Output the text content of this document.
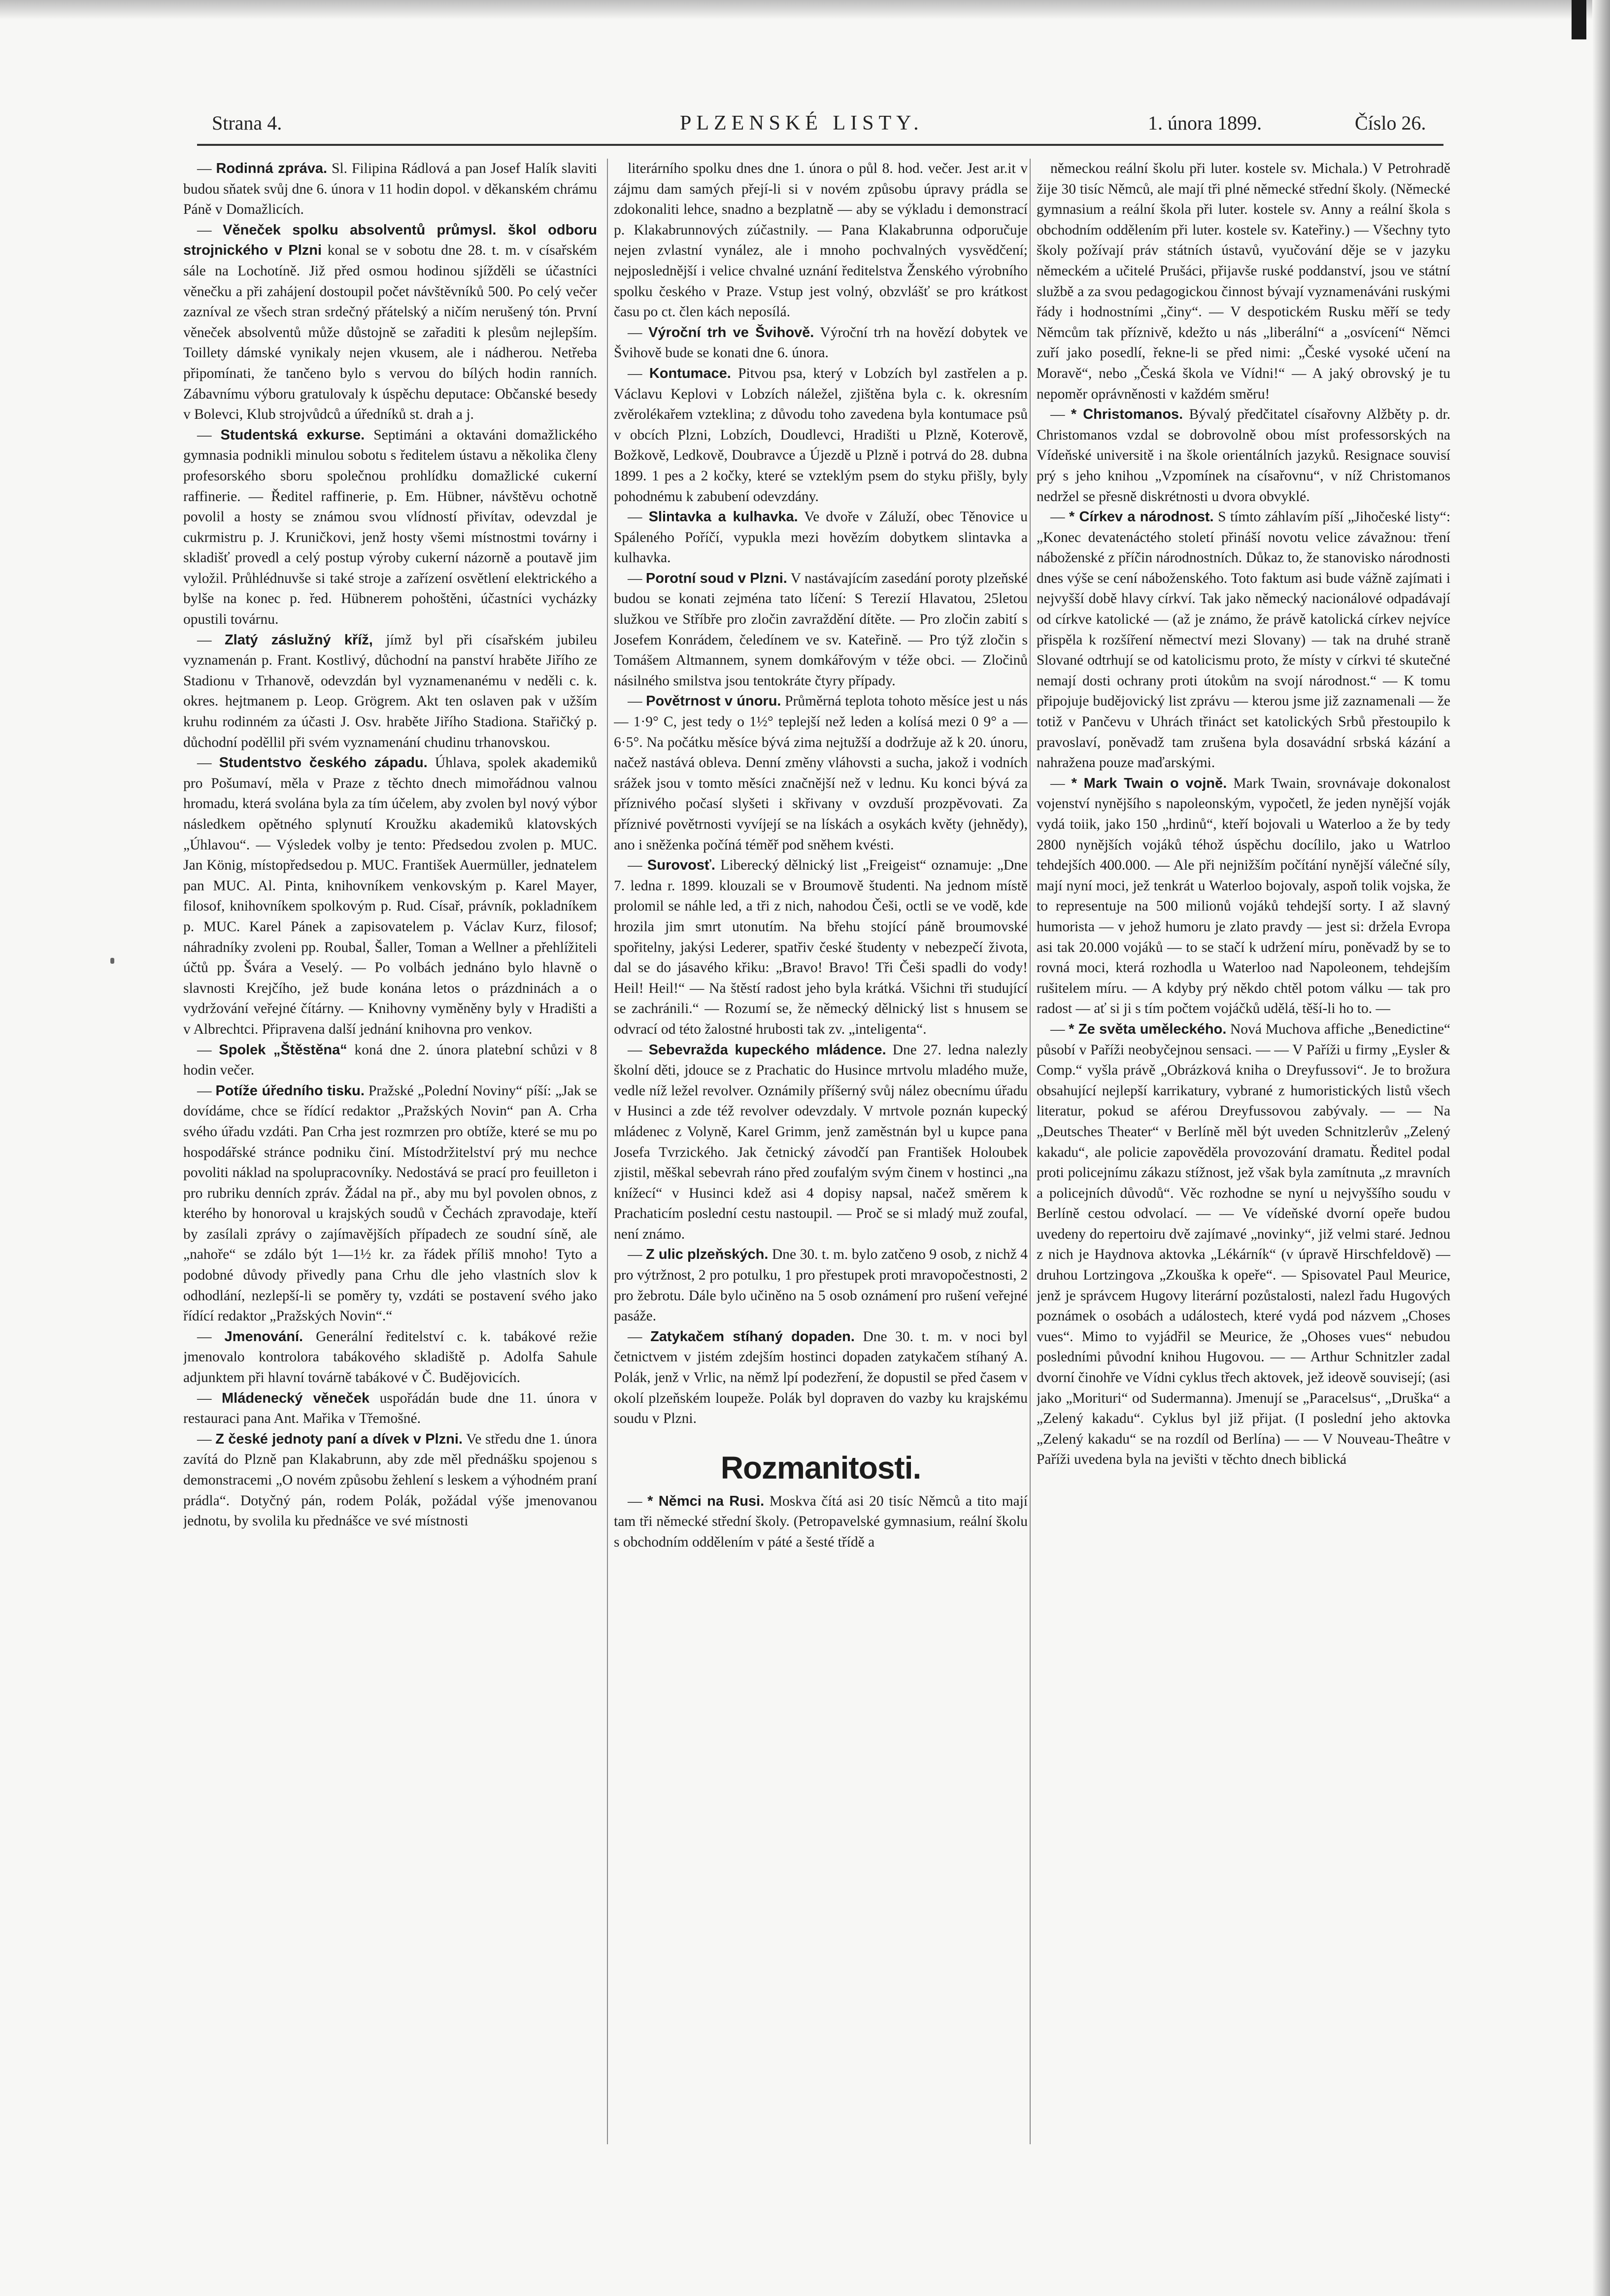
Strana 4.	PLZENSKÉ LISTY.	1. února 1899.	Číslo 26.

— Rodinná zpráva. Sl. Filipina Rádlová a pan Josef Halík slaviti budou sňatek svůj dne 6. února v 11 hodin dopol. v děkanském chrámu Páně v Domažlicích.

— Věneček spolku absolventů průmysl. škol odboru strojnického v Plzni konal se v sobotu dne 28. t. m. v císařském sále na Lochotíně. Již před osmou hodinou sjížděli se účastníci věnečku a při zahájení dostoupil počet návštěvníků 500. Po celý večer zazníval ze všech stran srdečný přátelský a ničím nerušený tón. První věneček absolventů může důstojně se zařaditi k plesům nejlepším. Toillety dámské vynikaly nejen vkusem, ale i nádherou. Netřeba připomínati, že tančeno bylo s vervou do bílých hodin ranních. Zábavnímu výboru gratulovaly k úspěchu deputace: Občanské besedy v Bolevci, Klub strojvůdců a úředníků st. drah a j.

— Studentská exkurse. Septimáni a oktaváni domažlického gymnasia podnikli minulou sobotu s ředitelem ústavu a několika členy profesorského sboru společnou prohlídku domažlické cukerní raffinerie. — Ředitel raffinerie, p. Em. Hübner, návštěvu ochotně povolil a hosty se známou svou vlídností přivítav, odevzdal je cukrmistru p. J. Kruničkovi, jenž hosty všemi místnostmi továrny i skladišť provedl a celý postup výroby cukerní názorně a poutavě jim vyložil. Průhlédnuvše si také stroje a zařízení osvětlení elektrického a bylše na konec p. řed. Hübnerem pohoštěni, účastníci vycházky opustili továrnu.

— Zlatý záslužný kříž, jímž byl při císařském jubileu vyznamenán p. Frant. Kostlivý, důchodní na panství hraběte Jiřího ze Stadionu v Trhanově, odevzdán byl vyznamenanému v neděli c. k. okres. hejtmanem p. Leop. Grögrem. Akt ten oslaven pak v užším kruhu rodinném za účasti J. Osv. hraběte Jiřího Stadiona. Stařičký p. důchodní poděllil při svém vyznamenání chudinu trhanovskou.

— Studentstvo českého západu. Úhlava, spolek akademiků pro Pošumaví, měla v Praze z těchto dnech mimořádnou valnou hromadu, která svolána byla za tím účelem, aby zvolen byl nový výbor následkem opětného splynutí Kroužku akademiků klatovských „Úhlavou“. — Výsledek volby je tento: Předsedou zvolen p. MUC. Jan König, místopředsedou p. MUC. František Auermüller, jednatelem pan MUC. Al. Pinta, knihovníkem venkovským p. Karel Mayer, filosof, knihovníkem spolkovým p. Rud. Císař, právník, pokladníkem p. MUC. Karel Pánek a zapisovatelem p. Václav Kurz, filosof; náhradníky zvoleni pp. Roubal, Šaller, Toman a Wellner a přehlížiteli účtů pp. Švára a Veselý. — Po volbách jednáno bylo hlavně o slavnosti Krejčího, jež bude konána letos o prázdninách a o vydržování veřejné čítárny. — Knihovny vyměněny byly v Hradišti a v Albrechtci. Připravena další jednání knihovna pro venkov.

— Spolek „Štěstěna“ koná dne 2. února platební schůzi v 8 hodin večer.

— Potíže úředního tisku. Pražské „Polední Noviny“ píší: „Jak se dovídáme, chce se řídící redaktor „Pražských Novin“ pan A. Crha svého úřadu vzdáti. Pan Crha jest rozmrzen pro obtíže, které se mu po hospodářské stránce podniku činí. Místodržitelství prý mu nechce povoliti náklad na spolupracovníky. Nedostává se prací pro feuilleton i pro rubriku denních zpráv. Žádal na př., aby mu byl povolen obnos, z kterého by honoroval u krajských soudů v Čechách zpravodaje, kteří by zasílali zprávy o zajímavějších případech ze soudní síně, ale „nahoře“ se zdálo být 1—1½ kr. za řádek příliš mnoho! Tyto a podobné důvody přivedly pana Crhu dle jeho vlastních slov k odhodlání, nezlepší-li se poměry ty, vzdáti se postavení svého jako řídící redaktor „Pražských Novin“.“

— Jmenování. Generální ředitelství c. k. tabákové režie jmenovalo kontrolora tabákového skladiště p. Adolfa Sahule adjunktem při hlavní továrně tabákové v Č. Budějovicích.

— Mládenecký věneček uspořádán bude dne 11. února v restauraci pana Ant. Mařika v Třemošné.

— Z české jednoty paní a dívek v Plzni. Ve středu dne 1. února zavítá do Plzně pan Klakabrunn, aby zde měl přednášku spojenou s demonstracemi „O novém způsobu žehlení s leskem a výhodném praní prádla“. Dotyčný pán, rodem Polák, požádal výše jmenovanou jednotu, by svolila ku přednášce ve své místnosti

literárního spolku dnes dne 1. února o půl 8. hod. večer. Jest ar.it v zájmu dam samých přejí-li si v novém způsobu úpravy prádla se zdokonaliti lehce, snadno a bezplatně — aby se výkladu i demonstrací p. Klakabrunnových zúčastnily. — Pana Klakabrunna odporučuje nejen zvlastní vynález, ale i mnoho pochvalných vysvědčení; nejposlednější i velice chvalné uznání ředitelstva Ženského výrobního spolku českého v Praze. Vstup jest volný, obzvlášť se pro krátkost času po ct. člen kách neposílá.

— Výroční trh ve Švihově. Výroční trh na hovězí dobytek ve Švihově bude se konati dne 6. února.

— Kontumace. Pitvou psa, který v Lobzích byl zastřelen a p. Václavu Keplovi v Lobzích náležel, zjištěna byla c. k. okresním zvěrolékařem vzteklina; z důvodu toho zavedena byla kontumace psů v obcích Plzni, Lobzích, Doudlevci, Hradišti u Plzně, Koterově, Božkově, Ledkově, Doubravce a Újezdě u Plzně i potrvá do 28. dubna 1899. 1 pes a 2 kočky, které se vzteklým psem do styku přišly, byly pohodnému k zabubení odevzdány.

— Slintavka a kulhavka. Ve dvoře v Záluží, obec Těnovice u Spáleného Poříčí, vypukla mezi hovězím dobytkem slintavka a kulhavka.

— Porotní soud v Plzni. V nastávajícím zasedání poroty plzeňské budou se konati zejména tato líčení: S Terezií Hlavatou, 25letou služkou ve Stříbře pro zločin zavraždění dítěte. — Pro zločin zabití s Josefem Konrádem, čeledínem ve sv. Kateřině. — Pro týž zločin s Tomášem Altmannem, synem domkářovým v téže obci. — Zločinů násilného smilstva jsou tentokráte čtyry případy.

— Povětrnost v únoru. Průměrná teplota tohoto měsíce jest u nás — 1·9° C, jest tedy o 1½° teplejší než leden a kolísá mezi 0 9° a — 6·5°. Na počátku měsíce bývá zima nejtužší a dodržuje až k 20. únoru, načež nastává obleva. Denní změny vláhovsti a sucha, jakož i vodních srážek jsou v tomto měsíci značnější než v lednu. Ku konci bývá za příznivého počasí slyšeti i skřivany v ovzduší prozpěvovati. Za příznivé povětrnosti vyvíjejí se na lískách a osykách květy (jehnědy), ano i sněženka počíná téměř pod sněhem kvésti.

— Surovosť. Liberecký dělnický list „Freigeist“ oznamuje: „Dne 7. ledna r. 1899. klouzali se v Broumově študenti. Na jednom místě prolomil se náhle led, a tři z nich, nahodou Češi, octli se ve vodě, kde hrozila jim smrt utonutím. Na břehu stojící páně broumovské spořitelny, jakýsi Lederer, spatřiv české študenty v nebezpečí života, dal se do jásavého křiku: „Bravo! Bravo! Tři Češi spadli do vody! Heil! Heil!“ — Na štěstí radost jeho byla krátká. Všichni tři studující se zachránili.“ — Rozumí se, že německý dělnický list s hnusem se odvrací od této žalostné hrubosti tak zv. „inteligenta“.

— Sebevražda kupeckého mládence. Dne 27. ledna nalezly školní děti, jdouce se z Prachatic do Husince mrtvolu mladého muže, vedle níž ležel revolver. Oznámily příšerný svůj nález obecnímu úřadu v Husinci a zde též revolver odevzdaly. V mrtvole poznán kupecký mládenec z Volyně, Karel Grimm, jenž zaměstnán byl u kupce pana Josefa Tvrzického. Jak četnický závodčí pan František Holoubek zjistil, měškal sebevrah ráno před zoufalým svým činem v hostinci „na knížecí“ v Husinci kdež asi 4 dopisy napsal, načež směrem k Prachaticím poslední cestu nastoupil. — Proč se si mladý muž zoufal, není známo.

— Z ulic plzeňských. Dne 30. t. m. bylo zatčeno 9 osob, z nichž 4 pro výtržnost, 2 pro potulku, 1 pro přestupek proti mravopočestnosti, 2 pro žebrotu. Dále bylo učiněno na 5 osob oznámení pro rušení veřejné pasáže.

— Zatykačem stíhaný dopaden. Dne 30. t. m. v noci byl četnictvem v jistém zdejším hostinci dopaden zatykačem stíhaný A. Polák, jenž v Vrlic, na němž lpí podezření, že dopustil se před časem v okolí plzeňském loupeže. Polák byl dopraven do vazby ku krajskému soudu v Plzni.

Rozmanitosti.

— * Němci na Rusi. Moskva čítá asi 20 tisíc Němců a tito mají tam tři německé střední školy. (Petropavelské gymnasium, reální školu s obchodním oddělením v páté a šesté třídě a

německou reální školu při luter. kostele sv. Michala.) V Petrohradě žije 30 tisíc Němců, ale mají tři plné německé střední školy. (Německé gymnasium a reální škola při luter. kostele sv. Anny a reální škola s obchodním oddělením při luter. kostele sv. Kateřiny.) — Všechny tyto školy požívají práv státních ústavů, vyučování děje se v jazyku německém a učitelé Prušáci, přijavše ruské poddanství, jsou ve státní službě a za svou pedagogickou činnost bývají vyznamenáváni ruskými řády i hodnostními „činy“. — V despotickém Rusku měří se tedy Němcům tak příznivě, kdežto u nás „liberální“ a „osvícení“ Němci zuří jako posedlí, řekne-li se před nimi: „České vysoké učení na Moravě“, nebo „Česká škola ve Vídni!“ — A jaký obrovský je tu nepoměr oprávněnosti v každém směru!

— * Christomanos. Bývalý předčitatel císařovny Alžběty p. dr. Christomanos vzdal se dobrovolně obou míst professorských na Vídeňské universitě i na škole orientálních jazyků. Resignace souvisí prý s jeho knihou „Vzpomínek na císařovnu“, v níž Christomanos nedržel se přesně diskrétnosti u dvora obvyklé.

— * Církev a národnost. S tímto záhlavím píší „Jihočeské listy“: „Konec devatenáctého století přináší novotu velice závažnou: tření náboženské z příčin národnostních. Důkaz to, že stanovisko národnosti dnes výše se cení náboženského. Toto faktum asi bude vážně zajímati i nejvyšší době hlavy církví. Tak jako německý nacionálové odpadávají od církve katolické — (až je známo, že právě katolická církev nejvíce přispěla k rozšíření němectví mezi Slovany) — tak na druhé straně Slované odtrhují se od katolicismu proto, že místy v církvi té skutečné nemají dosti ochrany proti útokům na svojí národnost.“ — K tomu připojuje budějovický list zprávu — kterou jsme již zaznamenali — že totiž v Pančevu v Uhrách třináct set katolických Srbů přestoupilo k pravoslaví, poněvadž tam zrušena byla dosavádní srbská kázání a nahražena pouze maďarskými.

— * Mark Twain o vojně. Mark Twain, srovnávaje dokonalost vojenství nynějšího s napoleonským, vypočetl, že jeden nynější voják vydá toiik, jako 150 „hrdinů“, kteří bojovali u Waterloo a že by tedy 2800 nynějších vojáků téhož úspěchu docílilo, jako u Watrloo tehdejších 400.000. — Ale při nejnižším počítání nynější válečné síly, mají nyní moci, jež tenkrát u Waterloo bojovaly, aspoň tolik vojska, že to representuje na 500 milionů vojáků tehdejší sorty. I až slavný humorista — v jehož humoru je zlato pravdy — jest si: držela Evropa asi tak 20.000 vojáků — to se stačí k udržení míru, poněvadž by se to rovná moci, která rozhodla u Waterloo nad Napoleonem, tehdejším rušitelem míru. — A kdyby prý někdo chtěl potom válku — tak pro radost — ať si ji s tím počtem vojáčků udělá, těší-li ho to. —

— * Ze světa uměleckého. Nová Muchova affiche „Benedictine“ působí v Paříži neobyčejnou sensaci. — — V Paříži u firmy „Eysler & Comp.“ vyšla právě „Obrázková kniha o Dreyfussovi“. Je to brožura obsahující nejlepší karrikatury, vybrané z humoristických listů všech literatur, pokud se aférou Dreyfussovou zabývaly. — — Na „Deutsches Theater“ v Berlíně měl být uveden Schnitzlerův „Zelený kakadu“, ale policie zapověděla provozování dramatu. Ředitel podal proti policejnímu zákazu stížnost, jež však byla zamítnuta „z mravních a policejních důvodů“. Věc rozhodne se nyní u nejvyššího soudu v Berlíně cestou odvolací. — — Ve vídeňské dvorní opeře budou uvedeny do repertoiru dvě zajímavé „novinky“, již velmi staré. Jednou z nich je Haydnova aktovka „Lékárník“ (v úpravě Hirschfeldově) — druhou Lortzingova „Zkouška k opeře“. — Spisovatel Paul Meurice, jenž je správcem Hugovy literární pozůstalosti, nalezl řadu Hugových poznámek o osobách a událostech, které vydá pod názvem „Choses vues“. Mimo to vyjádřil se Meurice, že „Ohoses vues“ nebudou posledními původní knihou Hugovou. — — Arthur Schnitzler zadal dvorní činohře ve Vídni cyklus třech aktovek, jež ideově souvisejí; (asi jako „Morituri“ od Sudermanna). Jmenují se „Paracelsus“, „Druška“ a „Zelený kakadu“. Cyklus byl již přijat. (I poslední jeho aktovka „Zelený kakadu“ se na rozdíl od Berlína) — — V Nouveau-Theâtre v Paříži uvedena byla na jevišti v těchto dnech biblická
